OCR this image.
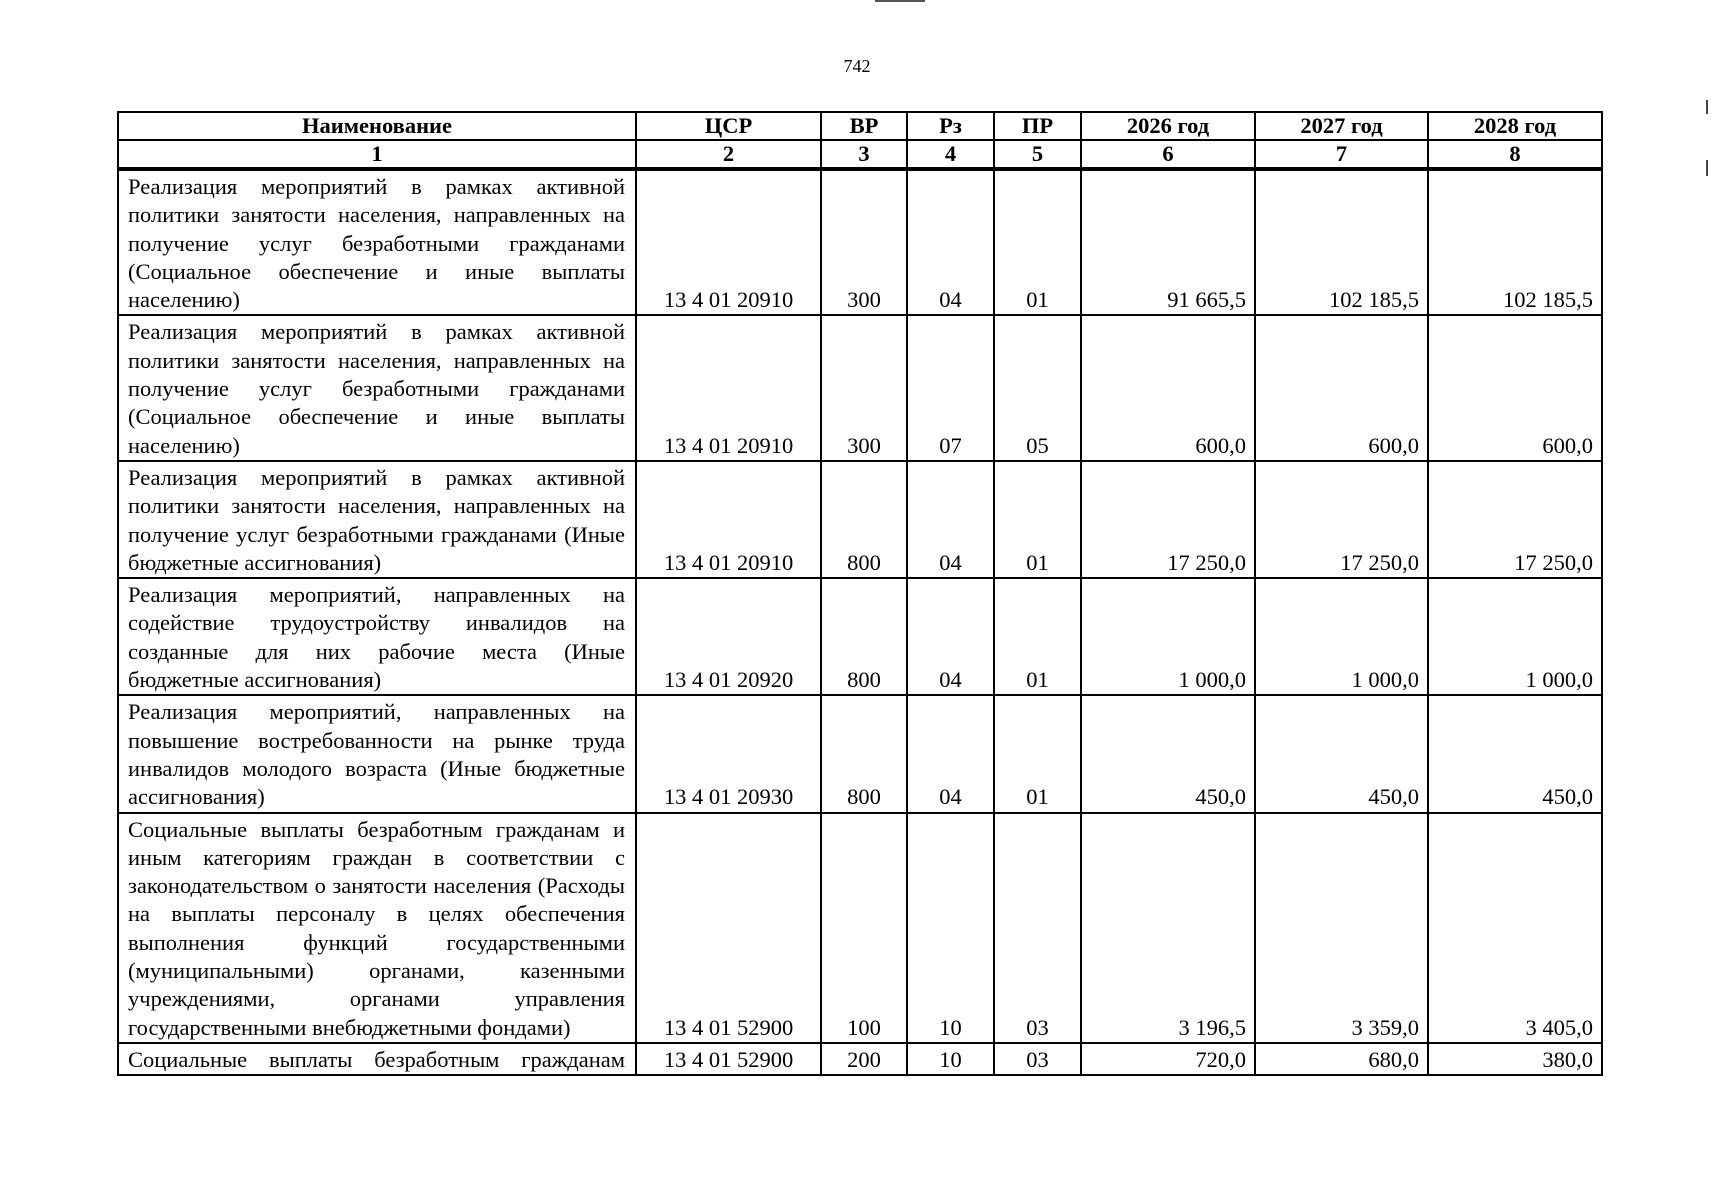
742
Наименование	ЦСР	ВР	Рз	ПР	2026 год	2027 год	2028 год
1	2	3	4	5	6	7	8
Реализация мероприятий в рамках активной политики занятости населения, направленных на получение услуг безработными гражданами (Социальное обеспечение и иные выплаты населению)	13 4 01 20910	300	04	01	91 665,5	102 185,5	102 185,5
Реализация мероприятий в рамках активной политики занятости населения, направленных на получение услуг безработными гражданами (Социальное обеспечение и иные выплаты населению)	13 4 01 20910	300	07	05	600,0	600,0	600,0
Реализация мероприятий в рамках активной политики занятости населения, направленных на получение услуг безработными гражданами (Иные бюджетные ассигнования)	13 4 01 20910	800	04	01	17 250,0	17 250,0	17 250,0
Реализация мероприятий, направленных на содействие трудоустройству инвалидов на созданные для них рабочие места (Иные бюджетные ассигнования)	13 4 01 20920	800	04	01	1 000,0	1 000,0	1 000,0
Реализация мероприятий, направленных на повышение востребованности на рынке труда инвалидов молодого возраста (Иные бюджетные ассигнования)	13 4 01 20930	800	04	01	450,0	450,0	450,0
Социальные выплаты безработным гражданам и иным категориям граждан в соответствии с законодательством о занятости населения (Расходы на выплаты персоналу в целях обеспечения выполнения функций государственными (муниципальными) органами, казенными учреждениями, органами управления государственными внебюджетными фондами)	13 4 01 52900	100	10	03	3 196,5	3 359,0	3 405,0
Социальные выплаты безработным гражданам	13 4 01 52900	200	10	03	720,0	680,0	380,0
